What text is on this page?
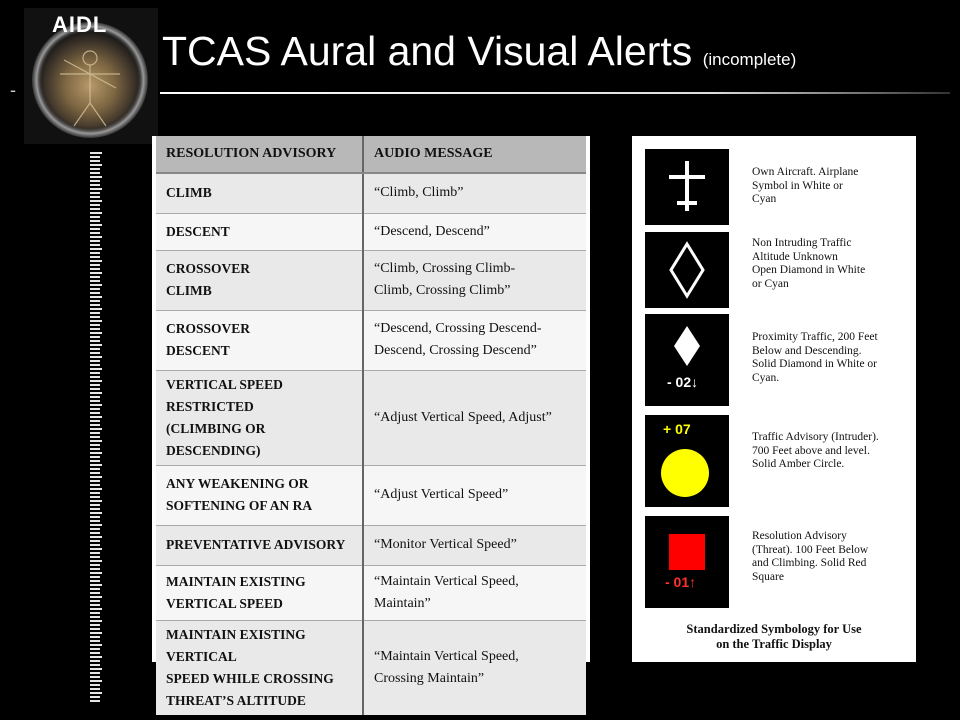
AIDL
-
TCAS Aural and Visual Alerts (incomplete)
RESOLUTION ADVISORY	AUDIO MESSAGE
CLIMB	“Climb, Climb”
DESCENT	“Descend, Descend”
CROSSOVER
CLIMB	“Climb, Crossing Climb-
Climb, Crossing Climb”
CROSSOVER
DESCENT	“Descend, Crossing Descend-
Descend, Crossing Descend”
VERTICAL SPEED RESTRICTED
(CLIMBING OR DESCENDING)	“Adjust Vertical Speed, Adjust”
ANY WEAKENING OR
SOFTENING OF AN RA	“Adjust Vertical Speed”
PREVENTATIVE ADVISORY	“Monitor Vertical Speed”
MAINTAIN EXISTING
VERTICAL SPEED	“Maintain Vertical Speed,
Maintain”
MAINTAIN EXISTING VERTICAL
SPEED WHILE CROSSING
THREAT’S ALTITUDE	“Maintain Vertical Speed,
Crossing Maintain”
Own Aircraft. Airplane
Symbol in White or
Cyan
Non Intruding Traffic
Altitude Unknown
Open Diamond in White
or Cyan
- 02↓
Proximity Traffic, 200 Feet
Below and Descending.
Solid Diamond in White or
Cyan.
+ 07	Traffic Advisory (Intruder).
700 Feet above and level.
Solid Amber Circle.
- 01↑
Resolution Advisory
(Threat). 100 Feet Below
and Climbing. Solid Red
Square
Standardized Symbology for Use
on the Traffic Display
